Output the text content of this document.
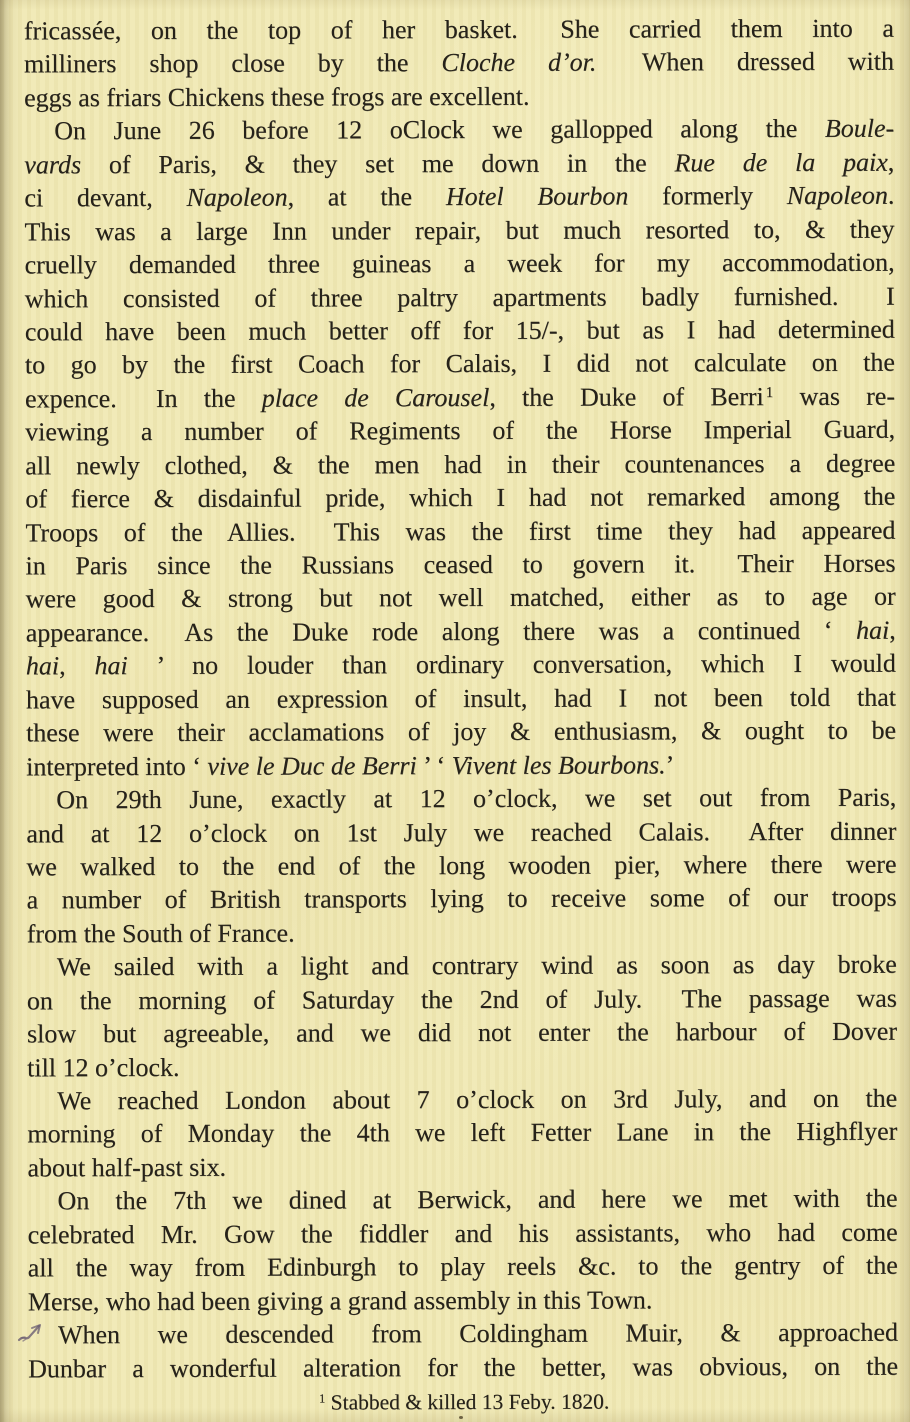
fricassée, on the top of her basket.  She carried them into a
milliners shop close by the Cloche d’or.  When dressed with
eggs as friars Chickens these frogs are excellent.
On June 26 before 12 oClock we gallopped along the Boule-
vards of Paris, & they set me down in the Rue de la paix,
ci devant, Napoleon, at the Hotel Bourbon formerly Napoleon.
This was a large Inn under repair, but much resorted to, & they
cruelly demanded three guineas a week for my accommodation,
which consisted of three paltry apartments badly furnished.  I
could have been much better off for 15/-, but as I had determined
to go by the first Coach for Calais, I did not calculate on the
expence.  In the place de Carousel, the Duke of Berri $^1$ was re-
viewing a number of Regiments of the Horse Imperial Guard,
all newly clothed, & the men had in their countenances a degree
of fierce & disdainful pride, which I had not remarked among the
Troops of the Allies.  This was the first time they had appeared
in Paris since the Russians ceased to govern it.  Their Horses
were good & strong but not well matched, either as to age or
appearance.  As the Duke rode along there was a continued ‘ hai,
hai, hai ’ no louder than ordinary conversation, which I would
have supposed an expression of insult, had I not been told that
these were their acclamations of joy & enthusiasm, & ought to be
interpreted into ‘ vive le Duc de Berri ’ ‘ Vivent les Bourbons.’
On 29th June, exactly at 12 o’clock, we set out from Paris,
and at 12 o’clock on 1st July we reached Calais.  After dinner
we walked to the end of the long wooden pier, where there were
a number of British transports lying to receive some of our troops
from the South of France.
We sailed with a light and contrary wind as soon as day broke
on the morning of Saturday the 2nd of July.  The passage was
slow but agreeable, and we did not enter the harbour of Dover
till 12 o’clock.
We reached London about 7 o’clock on 3rd July, and on the
morning of Monday the 4th we left Fetter Lane in the Highflyer
about half-past six.
On the 7th we dined at Berwick, and here we met with the
celebrated Mr. Gow the fiddler and his assistants, who had come
all the way from Edinburgh to play reels &c. to the gentry of the
Merse, who had been giving a grand assembly in this Town.
When we descended from Coldingham Muir, & approached
Dunbar a wonderful alteration for the better, was obvious, on the
$^1$ Stabbed & killed 13 Feby. 1820.
